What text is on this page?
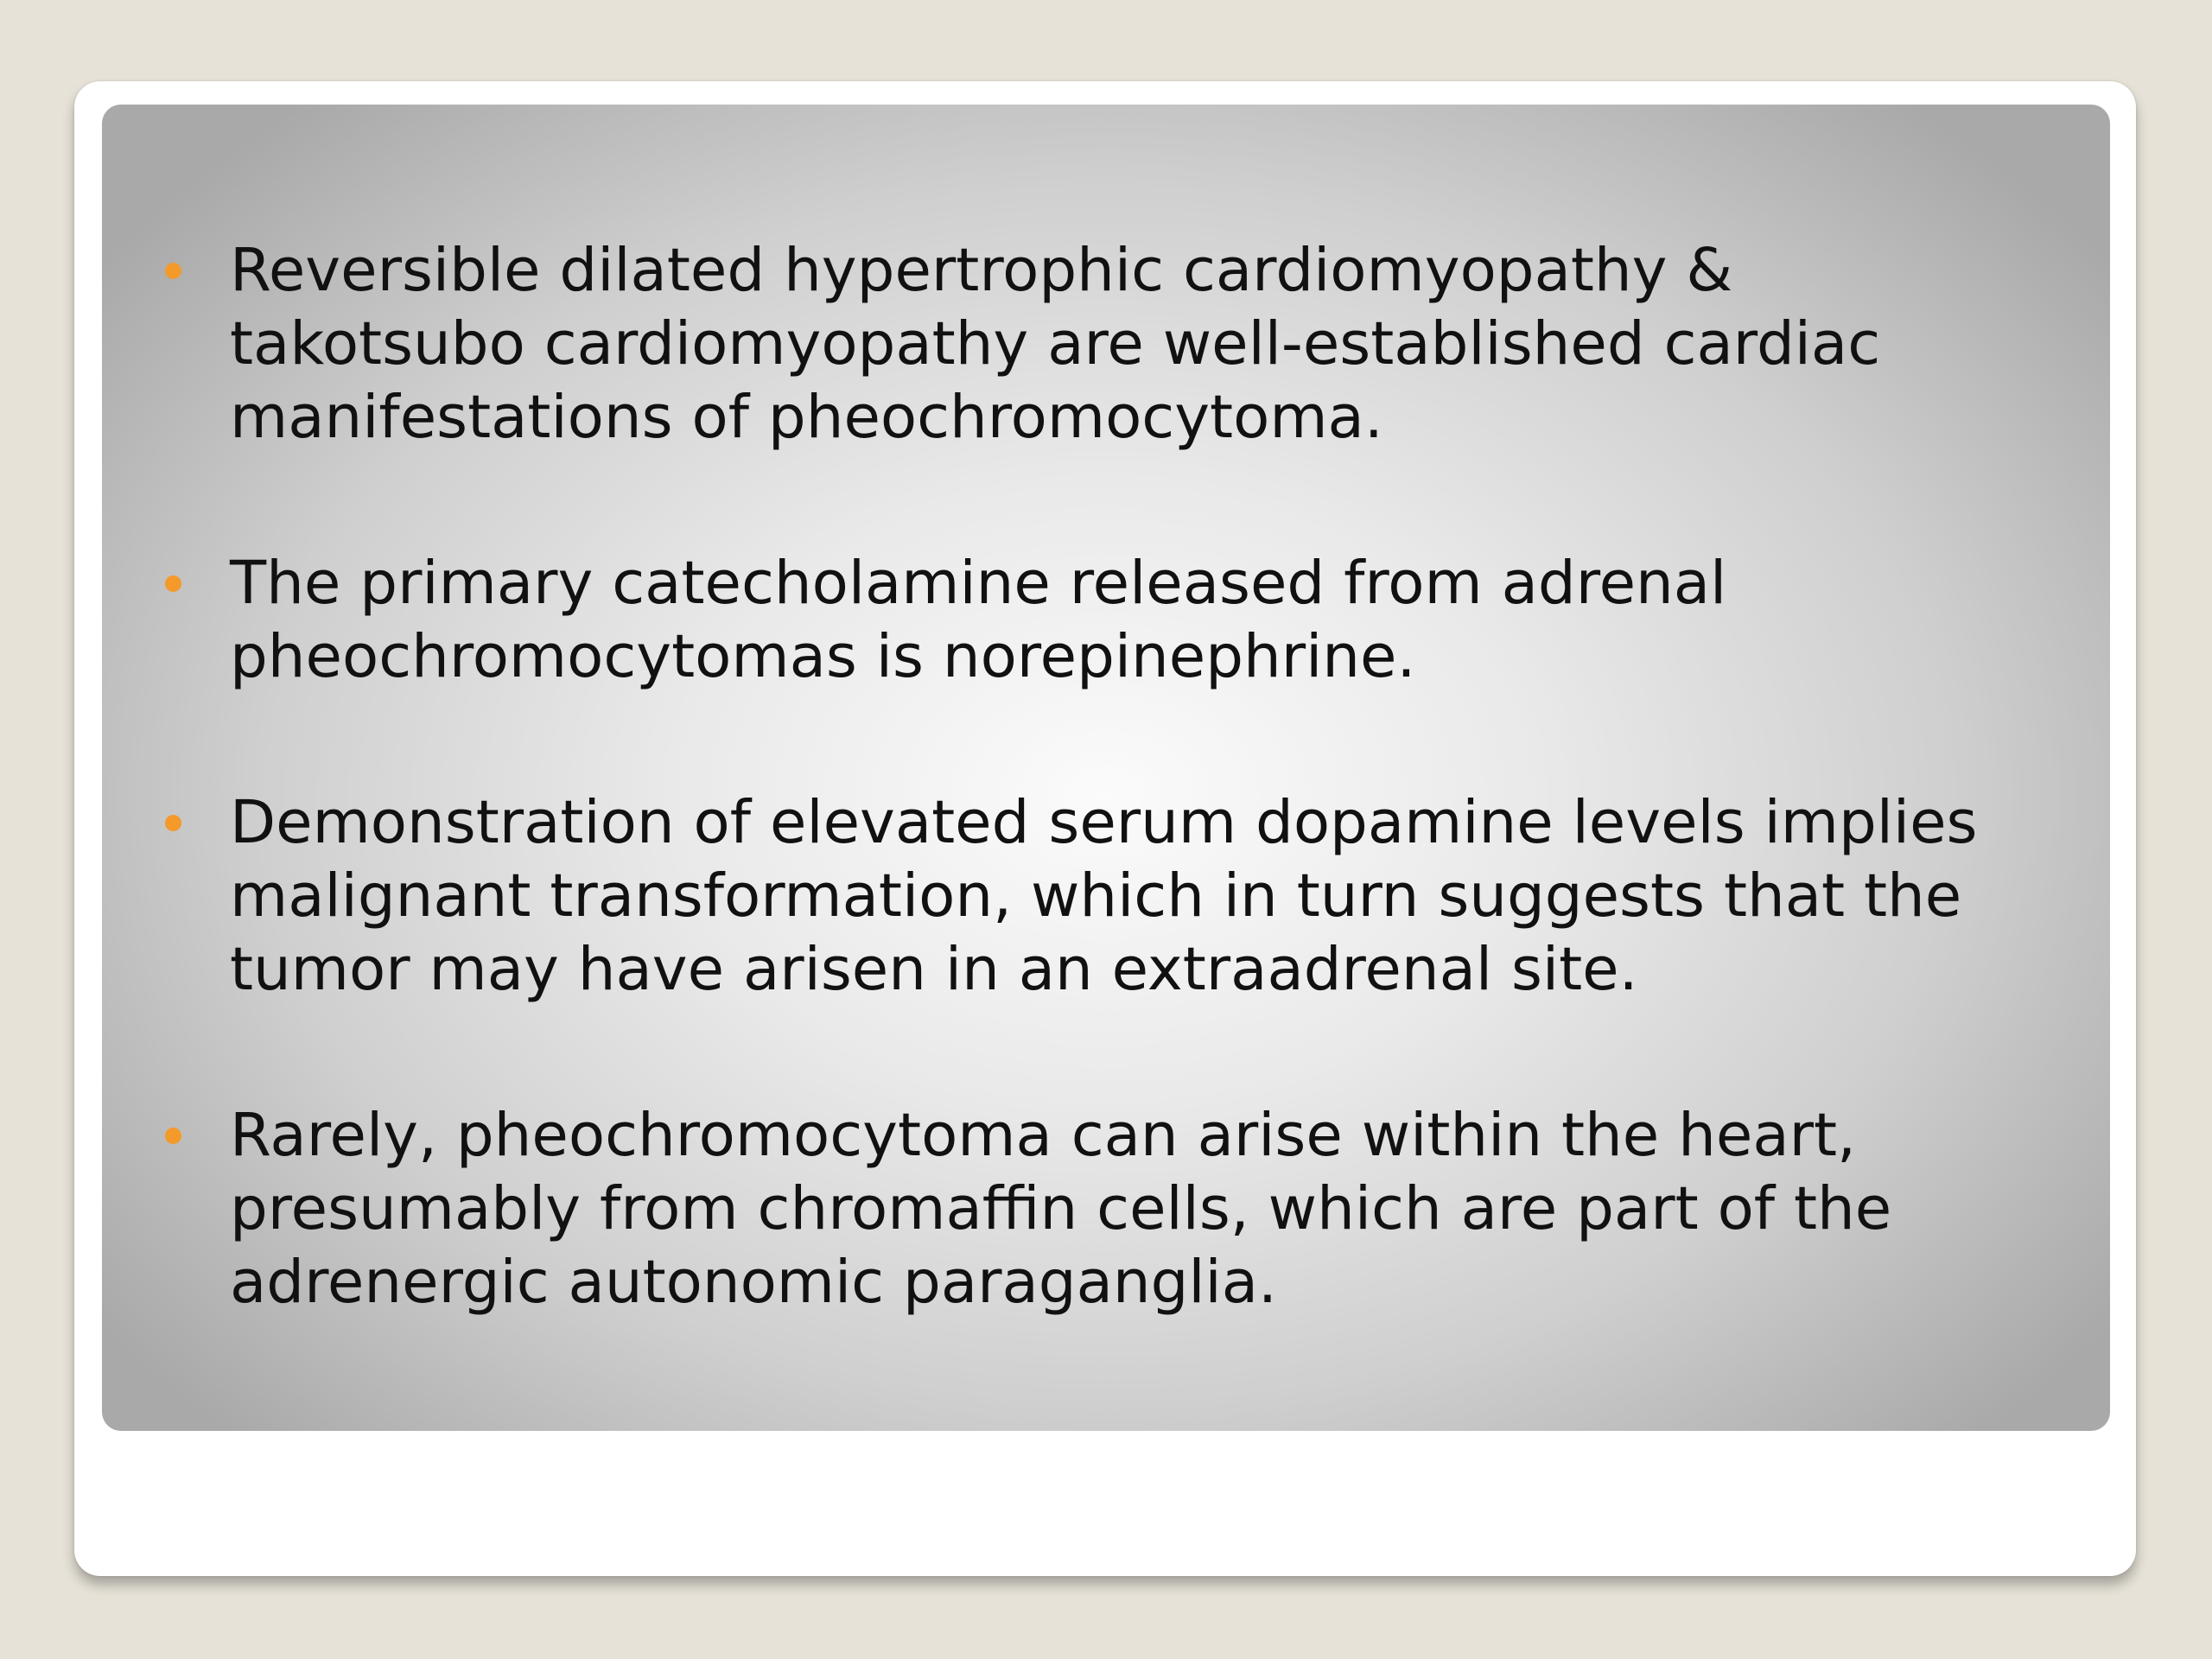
Reversible dilated hypertrophic cardiomyopathy &
takotsubo cardiomyopathy are well-established cardiac
manifestations of pheochromocytoma.
The primary catecholamine released from adrenal
pheochromocytomas is norepinephrine.
Demonstration of elevated serum dopamine levels implies
malignant transformation, which in turn suggests that the
tumor may have arisen in an extraadrenal site.
Rarely, pheochromocytoma can arise within the heart,
presumably from chromaffin cells, which are part of the
adrenergic autonomic paraganglia.
